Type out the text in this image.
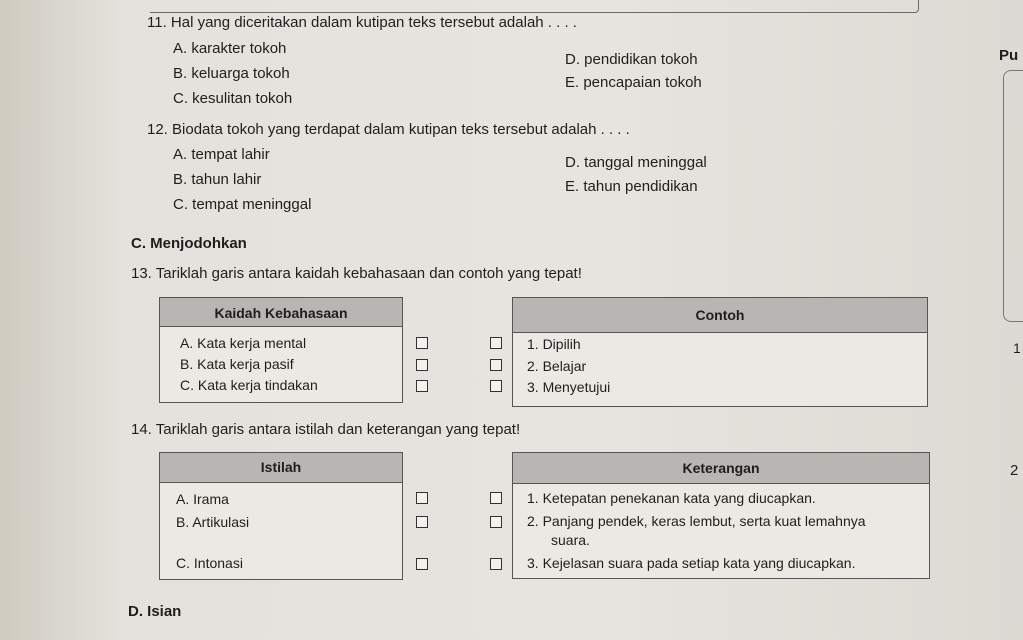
Pu
1
2
11. Hal yang diceritakan dalam kutipan teks tersebut adalah . . . .
A. karakter tokoh
B. keluarga tokoh
C. kesulitan tokoh
D. pendidikan tokoh
E. pencapaian tokoh
12. Biodata tokoh yang terdapat dalam kutipan teks tersebut adalah . . . .
A. tempat lahir
B. tahun lahir
C. tempat meninggal
D. tanggal meninggal
E. tahun pendidikan
C. Menjodohkan
13. Tariklah garis antara kaidah kebahasaan dan contoh yang tepat!
Kaidah Kebahasaan
A. Kata kerja mental
B. Kata kerja pasif
C. Kata kerja tindakan
Contoh
1. Dipilih
2. Belajar
3. Menyetujui
14. Tariklah garis antara istilah dan keterangan yang tepat!
Istilah
A. Irama
B. Artikulasi
C. Intonasi
Keterangan
1. Ketepatan penekanan kata yang diucapkan.
2. Panjang pendek, keras lembut, serta kuat lemahnya
suara.
3. Kejelasan suara pada setiap kata yang diucapkan.
D. Isian
